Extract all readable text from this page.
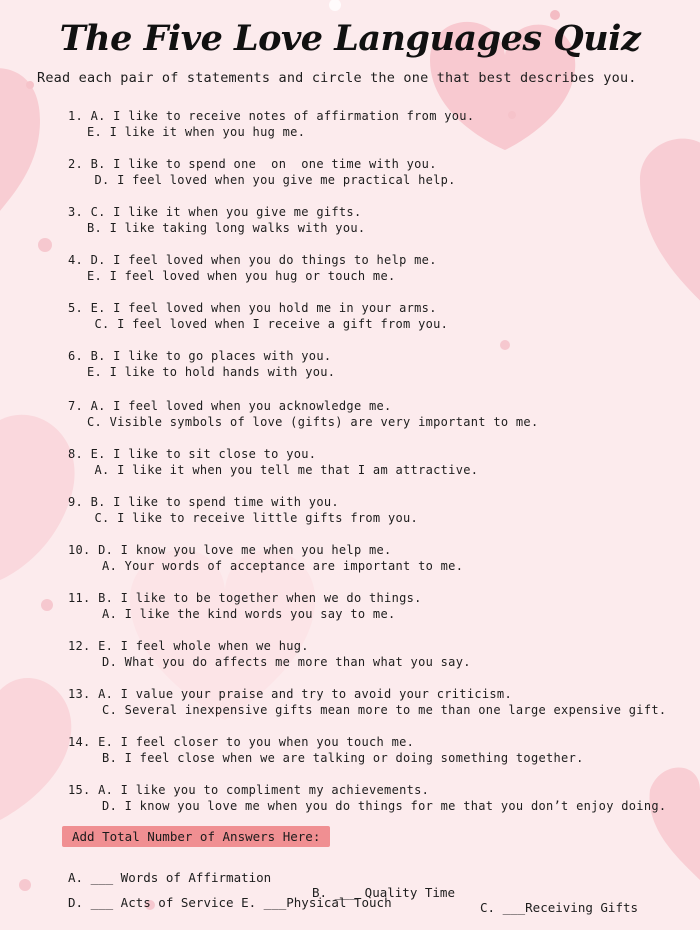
The Five Love Languages Quiz
Read each pair of statements and circle the one that best describes you.
1. A. I like to receive notes of affirmation from you.
E. I like it when you hug me.
2. B. I like to spend one  on  one time with you.
D. I feel loved when you give me practical help.
3. C. I like it when you give me gifts.
B. I like taking long walks with you.
4. D. I feel loved when you do things to help me.
E. I feel loved when you hug or touch me.
5. E. I feel loved when you hold me in your arms.
C. I feel loved when I receive a gift from you.
6. B. I like to go places with you.
E. I like to hold hands with you.
7. A. I feel loved when you acknowledge me.
C. Visible symbols of love (gifts) are very important to me.
8. E. I like to sit close to you.
A. I like it when you tell me that I am attractive.
9. B. I like to spend time with you.
C. I like to receive little gifts from you.
10. D. I know you love me when you help me.
A. Your words of acceptance are important to me.
11. B. I like to be together when we do things.
A. I like the kind words you say to me.
12. E. I feel whole when we hug.
D. What you do affects me more than what you say.
13. A. I value your praise and try to avoid your criticism.
C. Several inexpensive gifts mean more to me than one large expensive gift.
14. E. I feel closer to you when you touch me.
B. I feel close when we are talking or doing something together.
15. A. I like you to compliment my achievements.
D. I know you love me when you do things for me that you don’t enjoy doing.
Add Total Number of Answers Here:

A. ___ Words of Affirmation

B. ___ Quality Time

C. ___Receiving Gifts

D. ___ Acts of Service E. ___Physical Touch
